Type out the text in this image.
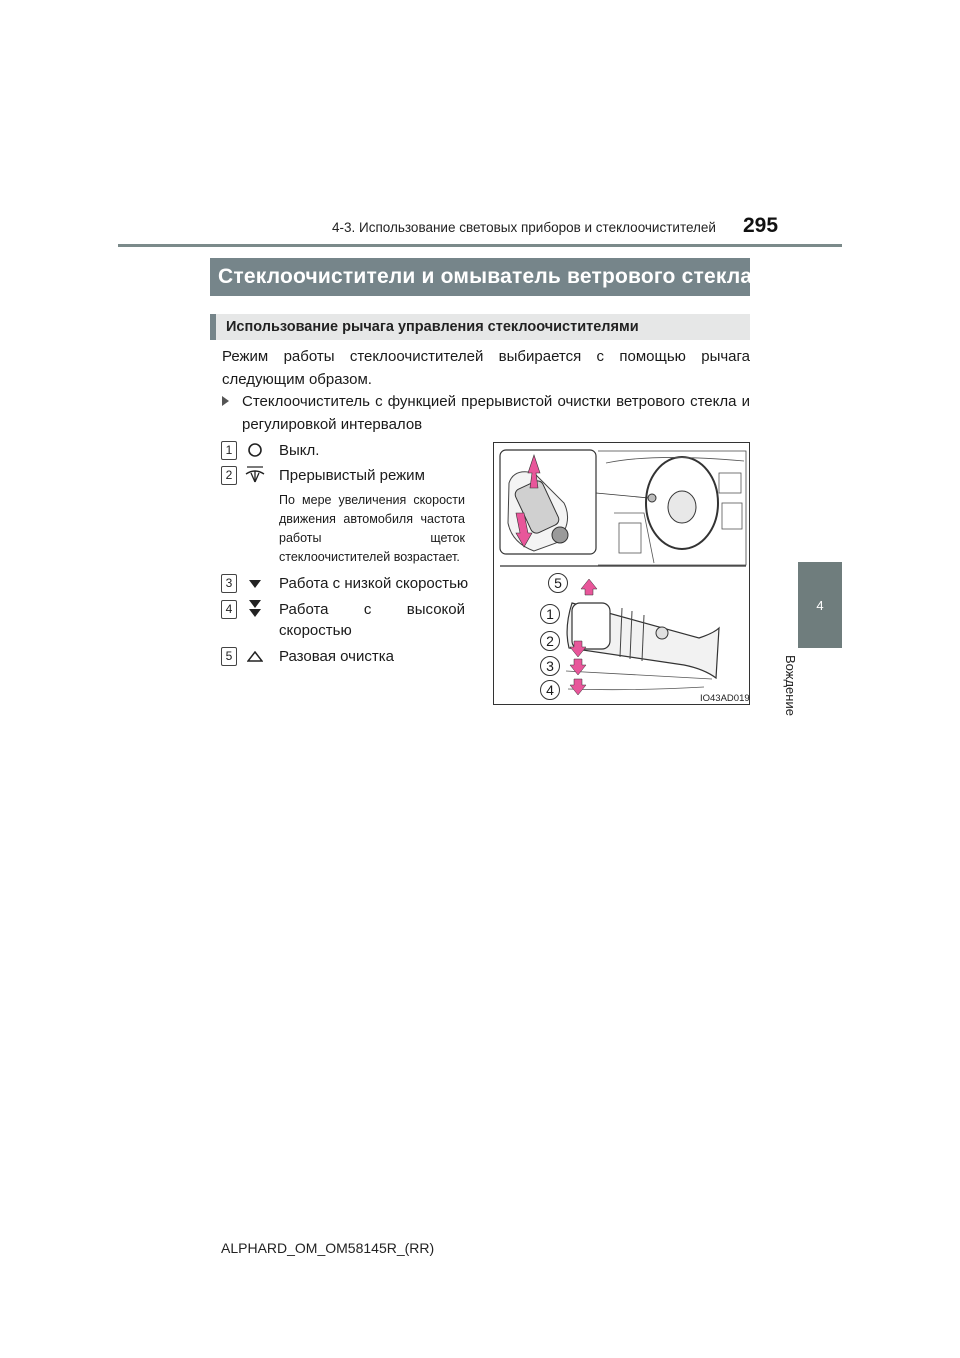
4-3. Использование световых приборов и стеклоочистителей 295
4
Вождение
Стеклоочистители и омыватель ветрового стекла
Использование рычага управления стеклоочистителями
Режим работы стеклоочистителей выбирается с помощью рычага следующим образом.
Стеклоочиститель с функцией прерывистой очистки ветрового стекла и регулировкой интервалов
1	Выкл.
2	Прерывистый режим
По мере увеличения скорости движения автомобиля частота работы щеток стеклоочистителей возрастает.
3	Работа с низкой скоростью
4	Работа с высокой скоростью
5	Разовая очистка
5
1
2
3
4
IO43AD019
ALPHARD_OM_OM58145R_(RR)
